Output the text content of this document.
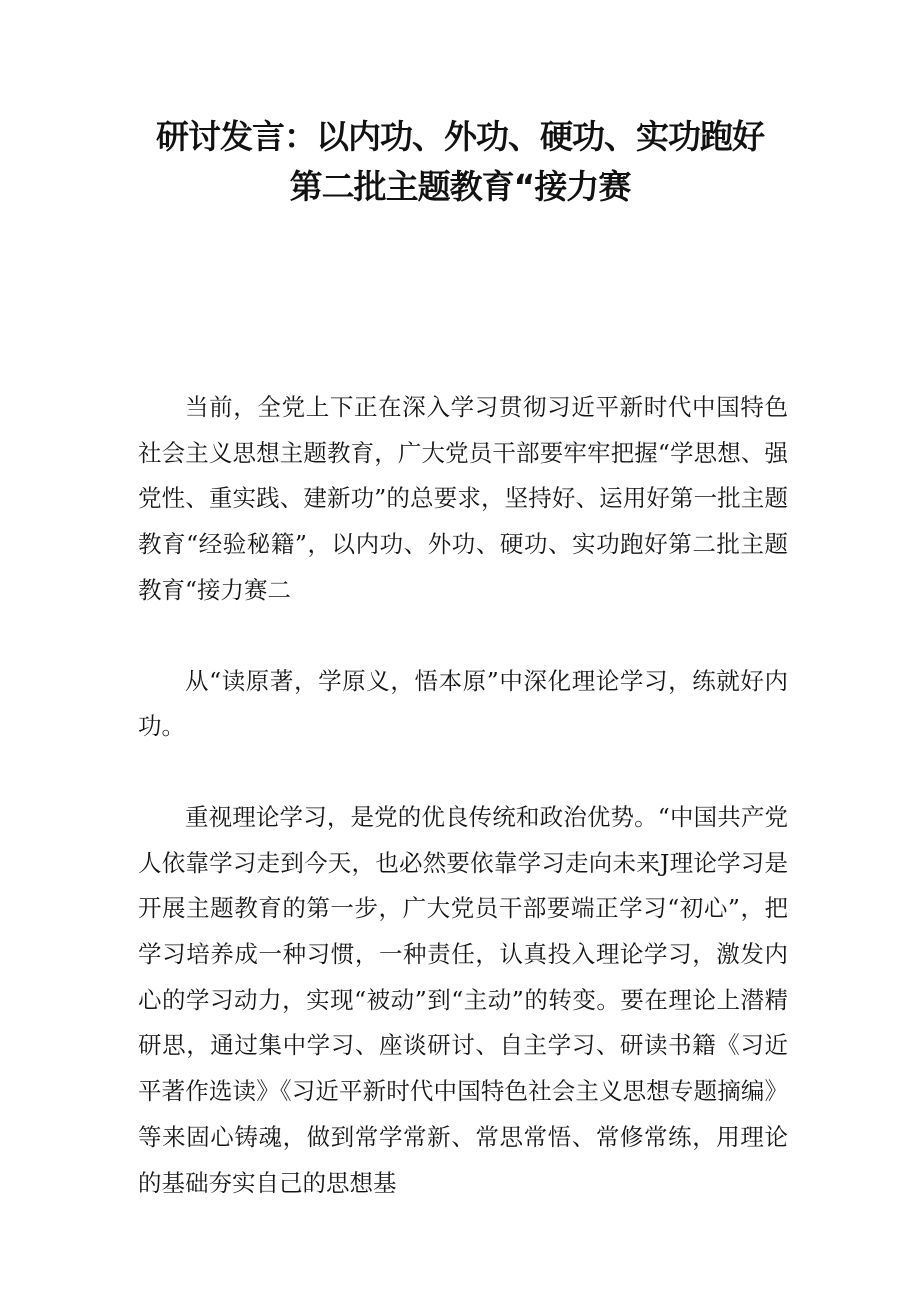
研讨发言：以内功、外功、硬功、实功跑好
第二批主题教育“接力赛

当前，全党上下正在深入学习贯彻习近平新时代中国特色社会主义思想主题教育，广大党员干部要牢牢把握“学思想、强党性、重实践、建新功”的总要求，坚持好、运用好第一批主题教育“经验秘籍”，以内功、外功、硬功、实功跑好第二批主题教育“接力赛二

从“读原著，学原义，悟本原”中深化理论学习，练就好内功。

重视理论学习，是党的优良传统和政治优势。“中国共产党人依靠学习走到今天，也必然要依靠学习走向未来J理论学习是开展主题教育的第一步，广大党员干部要端正学习“初心”，把学习培养成一种习惯，一种责任，认真投入理论学习，激发内心的学习动力，实现“被动”到“主动”的转变。要在理论上潜精研思，通过集中学习、座谈研讨、自主学习、研读书籍《习近平著作选读》《习近平新时代中国特色社会主义思想专题摘编》等来固心铸魂，做到常学常新、常思常悟、常修常练，用理论的基础夯实自己的思想基
